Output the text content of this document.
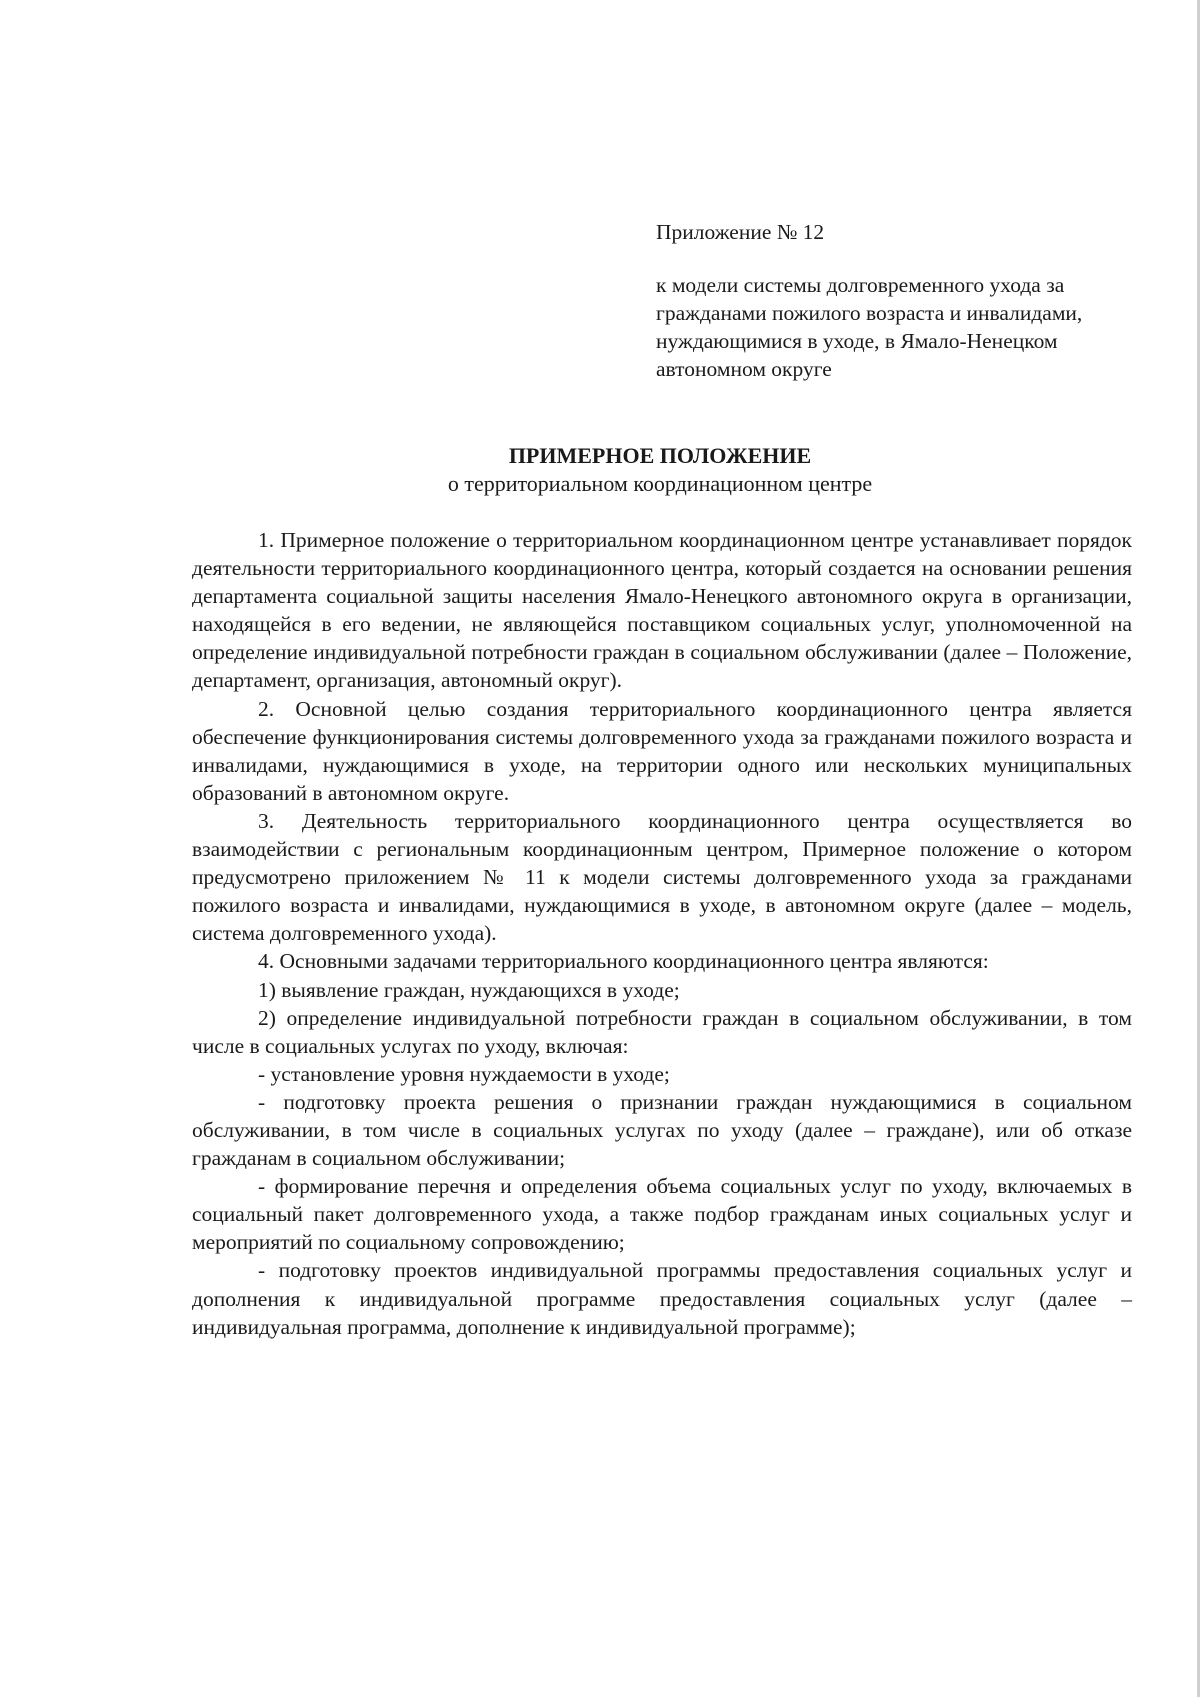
Приложение № 12

к модели системы долговременного ухода за гражданами пожилого возраста и инвалидами, нуждающимися в уходе, в Ямало-Ненецком автономном округе

ПРИМЕРНОЕ ПОЛОЖЕНИЕ

о территориальном координационном центре

1. Примерное положение о территориальном координационном центре устанавливает порядок деятельности территориального координационного центра, который создается на основании решения департамента социальной защиты населения Ямало-Ненецкого автономного округа в организации, находящейся в его ведении, не являющейся поставщиком социальных услуг, уполномоченной на определение индивидуальной потребности граждан в социальном обслуживании (далее – Положение, департамент, организация, автономный округ).

2. Основной целью создания территориального координационного центра является обеспечение функционирования системы долговременного ухода за гражданами пожилого возраста и инвалидами, нуждающимися в уходе, на территории одного или нескольких муниципальных образований в автономном округе.

3. Деятельность территориального координационного центра осуществляется во взаимодействии с региональным координационным центром, Примерное положение о котором предусмотрено приложением № 11 к модели системы долговременного ухода за гражданами пожилого возраста и инвалидами, нуждающимися в уходе, в автономном округе (далее – модель, система долговременного ухода).

4. Основными задачами территориального координационного центра являются:

1) выявление граждан, нуждающихся в уходе;

2) определение индивидуальной потребности граждан в социальном обслуживании, в том числе в социальных услугах по уходу, включая:

- установление уровня нуждаемости в уходе;

- подготовку проекта решения о признании граждан нуждающимися в социальном обслуживании, в том числе в социальных услугах по уходу (далее – граждане), или об отказе гражданам в социальном обслуживании;

- формирование перечня и определения объема социальных услуг по уходу, включаемых в социальный пакет долговременного ухода, а также подбор гражданам иных социальных услуг и мероприятий по социальному сопровождению;

- подготовку проектов индивидуальной программы предоставления социальных услуг и дополнения к индивидуальной программе предоставления социальных услуг (далее – индивидуальная программа, дополнение к индивидуальной программе);
